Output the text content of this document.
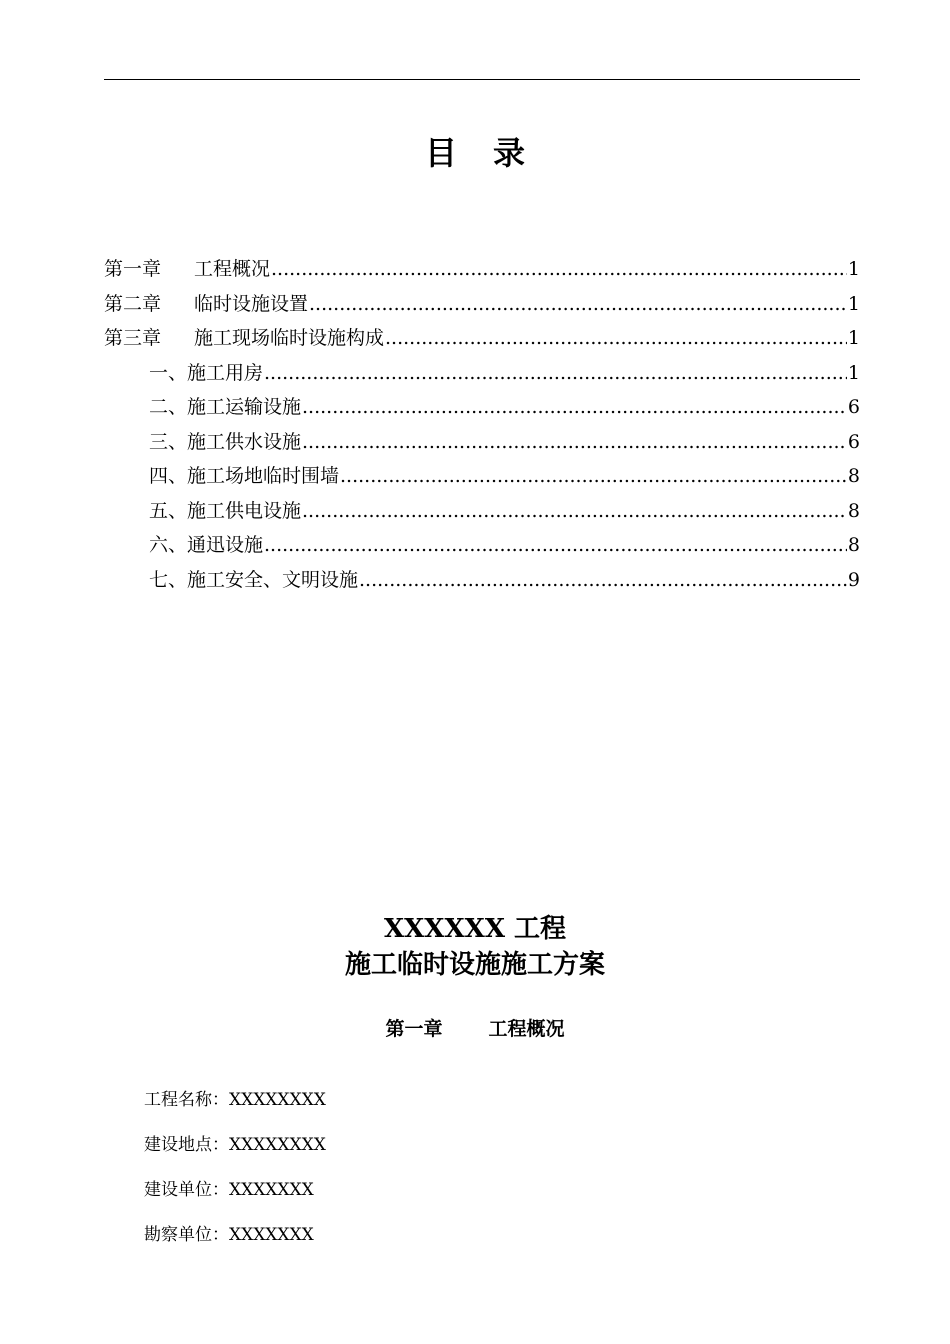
目 录
第一章	工程概况 .....	1
第二章	临时设施设置 .....	1
第三章	施工现场临时设施构成 .....	1
一、施工用房 .....	1
二、施工运输设施 .....	6
三、施工供水设施 .....	6
四、施工场地临时围墙 .....	8
五、施工供电设施 .....	8
六、通迅设施 .....	8
七、施工安全、文明设施 .....	9
XXXXXX 工程
施工临时设施施工方案
第一章 工程概况
工程名称：XXXXXXXX
建设地点：XXXXXXXX
建设单位：XXXXXXX
勘察单位：XXXXXXX
